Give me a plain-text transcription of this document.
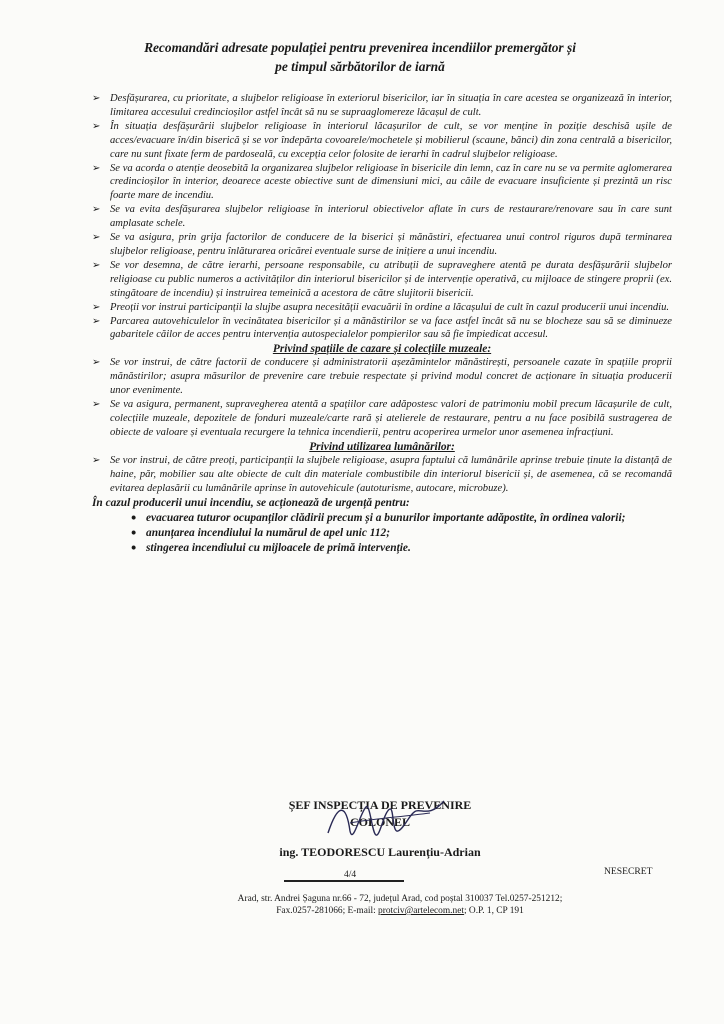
Recomandări adresate populației pentru prevenirea incendiilor premergător și
pe timpul sărbătorilor de iarnă

➢ Desfășurarea, cu prioritate, a slujbelor religioase în exteriorul bisericilor, iar în situația în care acestea se organizează în interior, limitarea accesului credincioșilor astfel încât să nu se supraaglomereze lăcașul de cult.

➢ În situația desfășurării slujbelor religioase în interiorul lăcașurilor de cult, se vor menține în poziție deschisă ușile de acces/evacuare în/din biserică și se vor îndepărta covoarele/mochetele și mobilierul (scaune, bănci) din zona centrală a bisericilor, care nu sunt fixate ferm de pardoseală, cu excepția celor folosite de ierarhi în cadrul slujbelor religioase.

➢ Se va acorda o atenție deosebită la organizarea slujbelor religioase în bisericile din lemn, caz în care nu se va permite aglomerarea credincioșilor în interior, deoarece aceste obiective sunt de dimensiuni mici, au căile de evacuare insuficiente și prezintă un risc foarte mare de incendiu.

➢ Se va evita desfășurarea slujbelor religioase în interiorul obiectivelor aflate în curs de restaurare/renovare sau în care sunt amplasate schele.

➢ Se va asigura, prin grija factorilor de conducere de la biserici și mănăstiri, efectuarea unui control riguros după terminarea slujbelor religioase, pentru înlăturarea oricărei eventuale surse de inițiere a unui incendiu.

➢ Se vor desemna, de către ierarhi, persoane responsabile, cu atribuții de supraveghere atentă pe durata desfășurării slujbelor religioase cu public numeros a activităților din interiorul bisericilor și de intervenție operativă, cu mijloace de stingere proprii (ex. stingătoare de incendiu) și instruirea temeinică a acestora de către slujitorii bisericii.

➢ Preoții vor instrui participanții la slujbe asupra necesității evacuării în ordine a lăcașului de cult în cazul producerii unui incendiu.

➢ Parcarea autovehiculelor în vecinătatea bisericilor și a mănăstirilor se va face astfel încât să nu se blocheze sau să se diminueze gabaritele căilor de acces pentru intervenția autospecialelor pompierilor sau să fie împiedicat accesul.

Privind spațiile de cazare și colecțiile muzeale:

➢ Se vor instrui, de către factorii de conducere și administratorii așezămintelor mănăstirești, persoanele cazate în spațiile proprii mănăstirilor; asupra măsurilor de prevenire care trebuie respectate și privind modul concret de acționare în situația producerii unor evenimente.

➢ Se va asigura, permanent, supravegherea atentă a spațiilor care adăpostesc valori de patrimoniu mobil precum lăcașurile de cult, colecțiile muzeale, depozitele de fonduri muzeale/carte rară și atelierele de restaurare, pentru a nu face posibilă sustragerea de obiecte de valoare și eventuala recurgere la tehnica incendierii, pentru acoperirea urmelor unor asemenea infracțiuni.

Privind utilizarea lumânărilor:

➢ Se vor instrui, de către preoți, participanții la slujbele religioase, asupra faptului că lumânările aprinse trebuie ținute la distanță de haine, păr, mobilier sau alte obiecte de cult din materiale combustibile din interiorul bisericii și, de asemenea, că se recomandă evitarea deplasării cu lumânările aprinse în autovehicule (autoturisme, autocare, microbuze).

În cazul producerii unui incendiu, se acționează de urgență pentru:
• evacuarea tuturor ocupanților clădirii precum și a bunurilor importante adăpostite, în ordinea valorii;
• anunțarea incendiului la numărul de apel unic 112;
• stingerea incendiului cu mijloacele de primă intervenție.
ȘEF INSPECȚIA DE PREVENIRE
COLONEL
ing. TEODORESCU Laurențiu-Adrian
NESECRET
4/4
Arad, str. Andrei Șaguna nr.66 - 72, județul Arad, cod poștal 310037 Tel.0257-251212;
Fax.0257-281066; E-mail: protciv@artelecom.net; O.P. 1, CP 191
